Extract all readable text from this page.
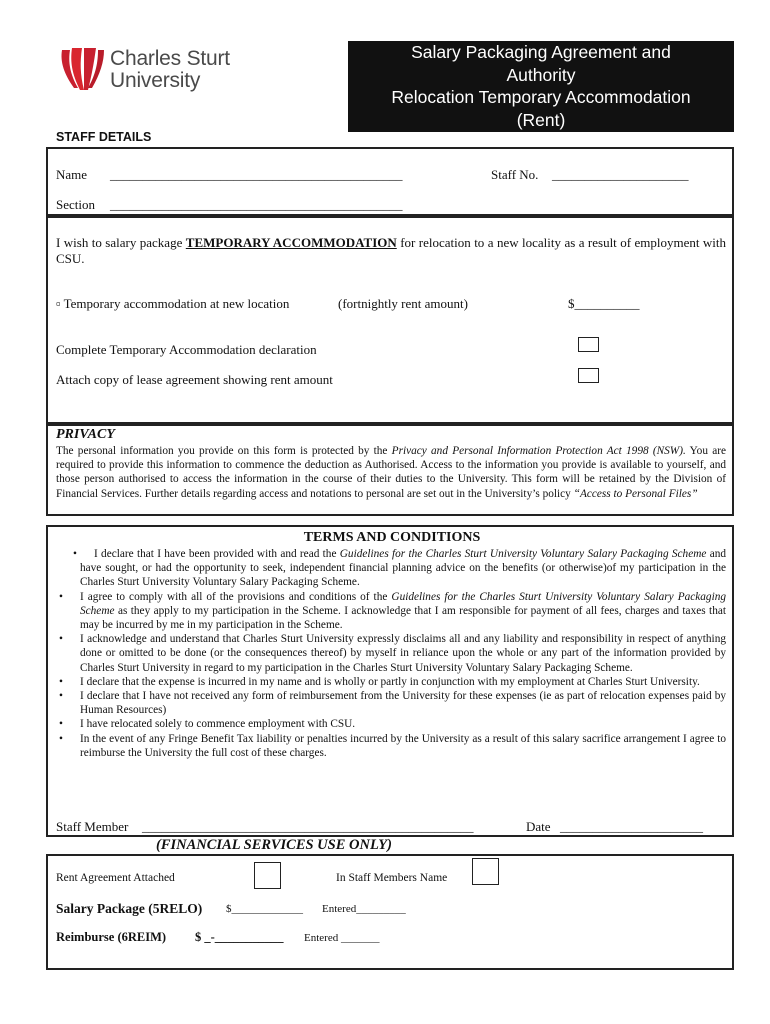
Charles Sturt
University
Salary Packaging Agreement and
Authority
Relocation Temporary Accommodation
(Rent)
STAFF DETAILS
Name _____________________________________________	Staff No. _____________________
Section _____________________________________________
I wish to salary package TEMPORARY ACCOMMODATION for relocation to a new locality as a result of employment with CSU.
▫ Temporary accommodation at new location	(fortnightly rent amount)	$__________
Complete Temporary Accommodation declaration
Attach copy of lease agreement showing rent amount
PRIVACY
The personal information you provide on this form is protected by the Privacy and Personal Information Protection Act 1998 (NSW). You are required to provide this information to commence the deduction as Authorised. Access to the information you provide is available to yourself, and those person authorised to access the information in the course of their duties to the University. This form will be retained by the Division of Financial Services. Further details regarding access and notations to personal are set out in the University’s policy “Access to Personal Files”
TERMS AND CONDITIONS
• I declare that I have been provided with and read the Guidelines for the Charles Sturt University Voluntary Salary Packaging Scheme and have sought, or had the opportunity to seek, independent financial planning advice on the benefits (or otherwise)of my participation in the Charles Sturt University Voluntary Salary Packaging Scheme.
• I agree to comply with all of the provisions and conditions of the Guidelines for the Charles Sturt University Voluntary Salary Packaging Scheme as they apply to my participation in the Scheme. I acknowledge that I am responsible for payment of all fees, charges and taxes that may be incurred by me in my participation in the Scheme.
• I acknowledge and understand that Charles Sturt University expressly disclaims all and any liability and responsibility in respect of anything done or omitted to be done (or the consequences thereof) by myself in reliance upon the whole or any part of the information provided by Charles Sturt University in regard to my participation in the Charles Sturt University Voluntary Salary Packaging Scheme.
• I declare that the expense is incurred in my name and is wholly or partly in conjunction with my employment at Charles Sturt University.
• I declare that I have not received any form of reimbursement from the University for these expenses (ie as part of relocation expenses paid by Human Resources)
• I have relocated solely to commence employment with CSU.
• In the event of any Fringe Benefit Tax liability or penalties incurred by the University as a result of this salary sacrifice arrangement I agree to reimburse the University the full cost of these charges.
Staff Member ___________________________________________________	Date ______________________
(FINANCIAL SERVICES USE ONLY)
Rent Agreement Attached	In Staff Members Name
Salary Package (5RELO) $_____________ Entered_________
Reimburse (6REIM) $ _-___________ Entered _______
